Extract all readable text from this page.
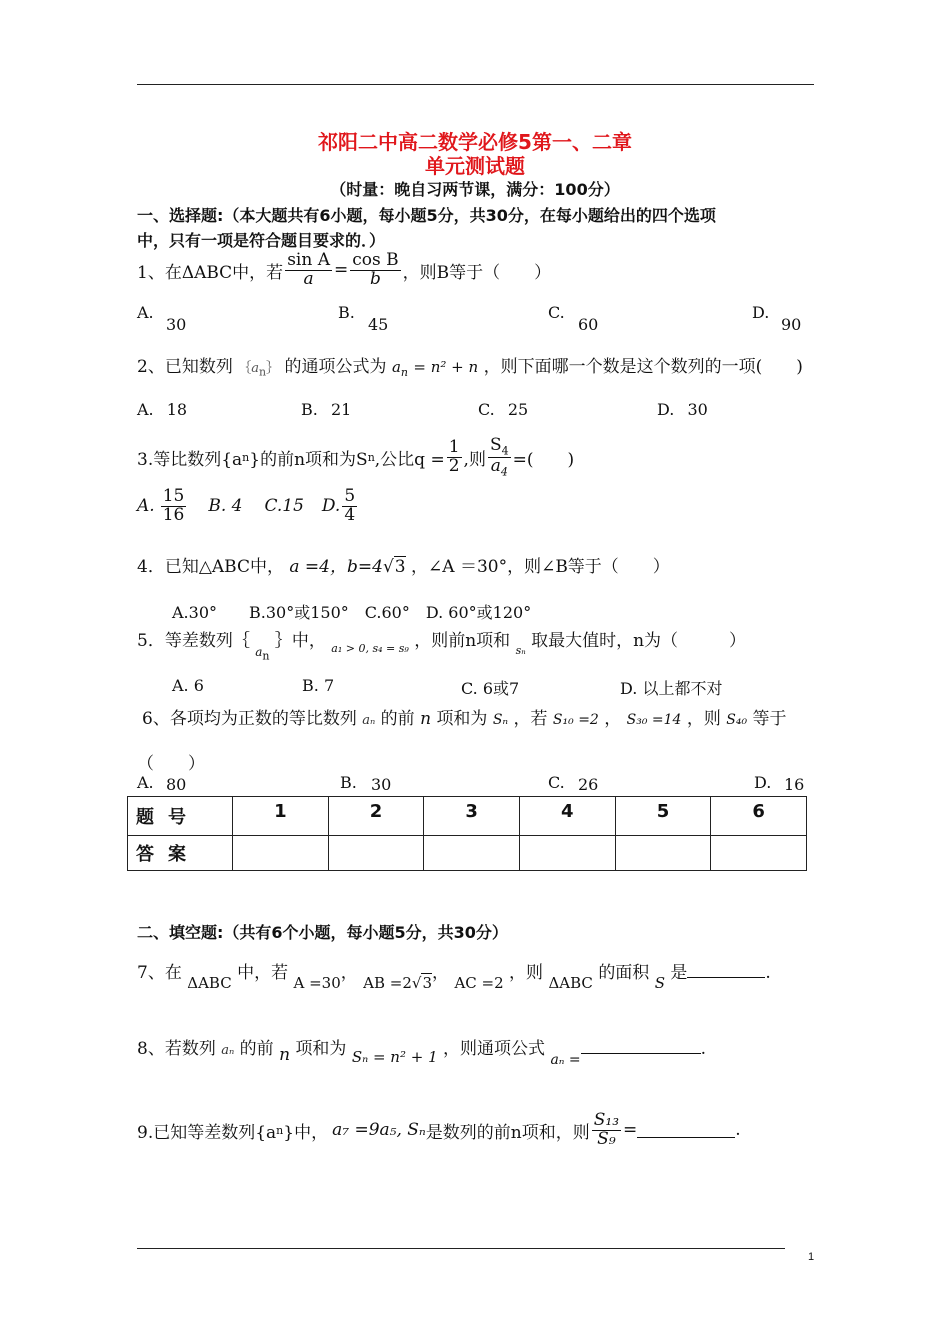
祁阳二中高二数学必修5第一、二章
单元测试题
（时量：晚自习两节课，满分：100分）
一、选择题:（本大题共有6小题，每小题5分，共30分，在每小题给出的四个选项
中，只有一项是符合题目要求的．）
1、在ΔABC中，若 $\frac{\text{sin A}}{a} = \frac{\text{cos B}}{b}$ ，则B等于（　　）
A.
30
B.
45
C.
60
D.
90
2、已知数列 $\{a_n\}$ 的通项公式为 $a_n = n^2 + n$ ，则下面哪一个数是这个数列的一项(　　)
A. 18	B. 21	C. 25	D. 30
3.等比数列{a n }的前n项和为S n ,公比$q = \frac{1}{2}$ ,则 $\frac{S_4}{a_4}$ =(　　)
A. $\frac{15}{16} B$. 4 C.15 D. $\frac{5}{4}$
4．已知△ABC中， a =4，b=4√3 ，∠A ＝30°，则∠B等于（　　）
A.30°　　B.30°或150°　C.60°　D. 60°或120°
5．等差数列｛ $_{a_n}$ ｝中， $_{a_1 > 0, s_4 = s_9}$ ，则前n项和 $_{s_n}$ 取最大值时，n为（　　　）
A. 6	B. 7	C. 6或7	D. 以上都不对
6、各项均为正数的等比数列 aₙ 的前 n 项和为 Sₙ ，若 S₁₀ =2 ， S₃₀ =14 ，则 S₄₀ 等于
（　　）
A. 80	B. 30	C. 26	D. 16
题号	1	2	3	4	5	6
答案						
二、填空题:（共有6个小题，每小题5分，共30分）
7、在 ΔABC 中，若 A =30， AB =2√3， AC =2 ，则 ΔABC 的面积 S 是	.
8、若数列 aₙ 的前 n 项和为 Sₙ = n² + 1 ，则通项公式 $_{a_n =}$.
9.已知等差数列{a n }中， a₇ =9a₅, Sₙ 是数列的前n项和，则 $\frac{\text{S₁₃}}{\text{S₉}}$ =	.
1
